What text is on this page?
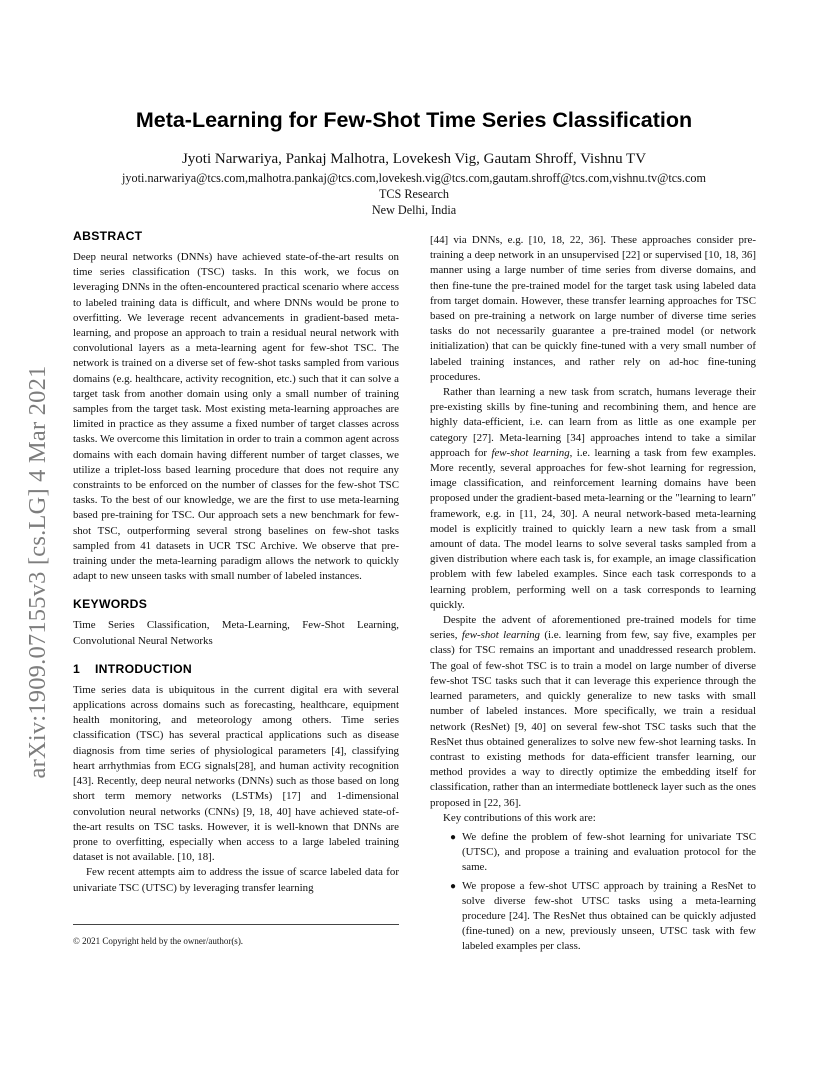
arXiv:1909.07155v3 [cs.LG] 4 Mar 2021
Meta-Learning for Few-Shot Time Series Classification
Jyoti Narwariya, Pankaj Malhotra, Lovekesh Vig, Gautam Shroff, Vishnu TV
jyoti.narwariya@tcs.com,malhotra.pankaj@tcs.com,lovekesh.vig@tcs.com,gautam.shroff@tcs.com,vishnu.tv@tcs.com
TCS Research
New Delhi, India
ABSTRACT

Deep neural networks (DNNs) have achieved state-of-the-art results on time series classification (TSC) tasks. In this work, we focus on leveraging DNNs in the often-encountered practical scenario where access to labeled training data is difficult, and where DNNs would be prone to overfitting. We leverage recent advancements in gradient-based meta-learning, and propose an approach to train a residual neural network with convolutional layers as a meta-learning agent for few-shot TSC. The network is trained on a diverse set of few-shot tasks sampled from various domains (e.g. healthcare, activity recognition, etc.) such that it can solve a target task from another domain using only a small number of training samples from the target task. Most existing meta-learning approaches are limited in practice as they assume a fixed number of target classes across tasks. We overcome this limitation in order to train a common agent across domains with each domain having different number of target classes, we utilize a triplet-loss based learning procedure that does not require any constraints to be enforced on the number of classes for the few-shot TSC tasks. To the best of our knowledge, we are the first to use meta-learning based pre-training for TSC. Our approach sets a new benchmark for few-shot TSC, outperforming several strong baselines on few-shot tasks sampled from 41 datasets in UCR TSC Archive. We observe that pre-training under the meta-learning paradigm allows the network to quickly adapt to new unseen tasks with small number of labeled instances.

KEYWORDS

Time Series Classification, Meta-Learning, Few-Shot Learning, Convolutional Neural Networks

1 INTRODUCTION

Time series data is ubiquitous in the current digital era with several applications across domains such as forecasting, healthcare, equipment health monitoring, and meteorology among others. Time series classification (TSC) has several practical applications such as disease diagnosis from time series of physiological parameters [4], classifying heart arrhythmias from ECG signals[28], and human activity recognition [43]. Recently, deep neural networks (DNNs) such as those based on long short term memory networks (LSTMs) [17] and 1-dimensional convolution neural networks (CNNs) [9, 18, 40] have achieved state-of-the-art results on TSC tasks. However, it is well-known that DNNs are prone to overfitting, especially when access to a large labeled training dataset is not available. [10, 18].

Few recent attempts aim to address the issue of scarce labeled data for univariate TSC (UTSC) by leveraging transfer learning

[44] via DNNs, e.g. [10, 18, 22, 36]. These approaches consider pre-training a deep network in an unsupervised [22] or supervised [10, 18, 36] manner using a large number of time series from diverse domains, and then fine-tune the pre-trained model for the target task using labeled data from target domain. However, these transfer learning approaches for TSC based on pre-training a network on large number of diverse time series tasks do not necessarily guarantee a pre-trained model (or network initialization) that can be quickly fine-tuned with a very small number of labeled training instances, and rather rely on ad-hoc fine-tuning procedures.

Rather than learning a new task from scratch, humans leverage their pre-existing skills by fine-tuning and recombining them, and hence are highly data-efficient, i.e. can learn from as little as one example per category [27]. Meta-learning [34] approaches intend to take a similar approach for few-shot learning, i.e. learning a task from few examples. More recently, several approaches for few-shot learning for regression, image classification, and reinforcement learning domains have been proposed under the gradient-based meta-learning or the "learning to learn" framework, e.g. in [11, 24, 30]. A neural network-based meta-learning model is explicitly trained to quickly learn a new task from a small amount of data. The model learns to solve several tasks sampled from a given distribution where each task is, for example, an image classification problem with few labeled examples. Since each task corresponds to a learning problem, performing well on a task corresponds to learning quickly.

Despite the advent of aforementioned pre-trained models for time series, few-shot learning (i.e. learning from few, say five, examples per class) for TSC remains an important and unaddressed research problem. The goal of few-shot TSC is to train a model on large number of diverse few-shot TSC tasks such that it can leverage this experience through the learned parameters, and quickly generalize to new tasks with small number of labeled instances. More specifically, we train a residual network (ResNet) [9, 40] on several few-shot TSC tasks such that the ResNet thus obtained generalizes to solve new few-shot learning tasks. In contrast to existing methods for data-efficient transfer learning, our method provides a way to directly optimize the embedding itself for classification, rather than an intermediate bottleneck layer such as the ones proposed in [22, 36].

Key contributions of this work are:

● We define the problem of few-shot learning for univariate TSC (UTSC), and propose a training and evaluation protocol for the same.
● We propose a few-shot UTSC approach by training a ResNet to solve diverse few-shot UTSC tasks using a meta-learning procedure [24]. The ResNet thus obtained can be quickly adjusted (fine-tuned) on a new, previously unseen, UTSC task with few labeled examples per class.
© 2021 Copyright held by the owner/author(s).
